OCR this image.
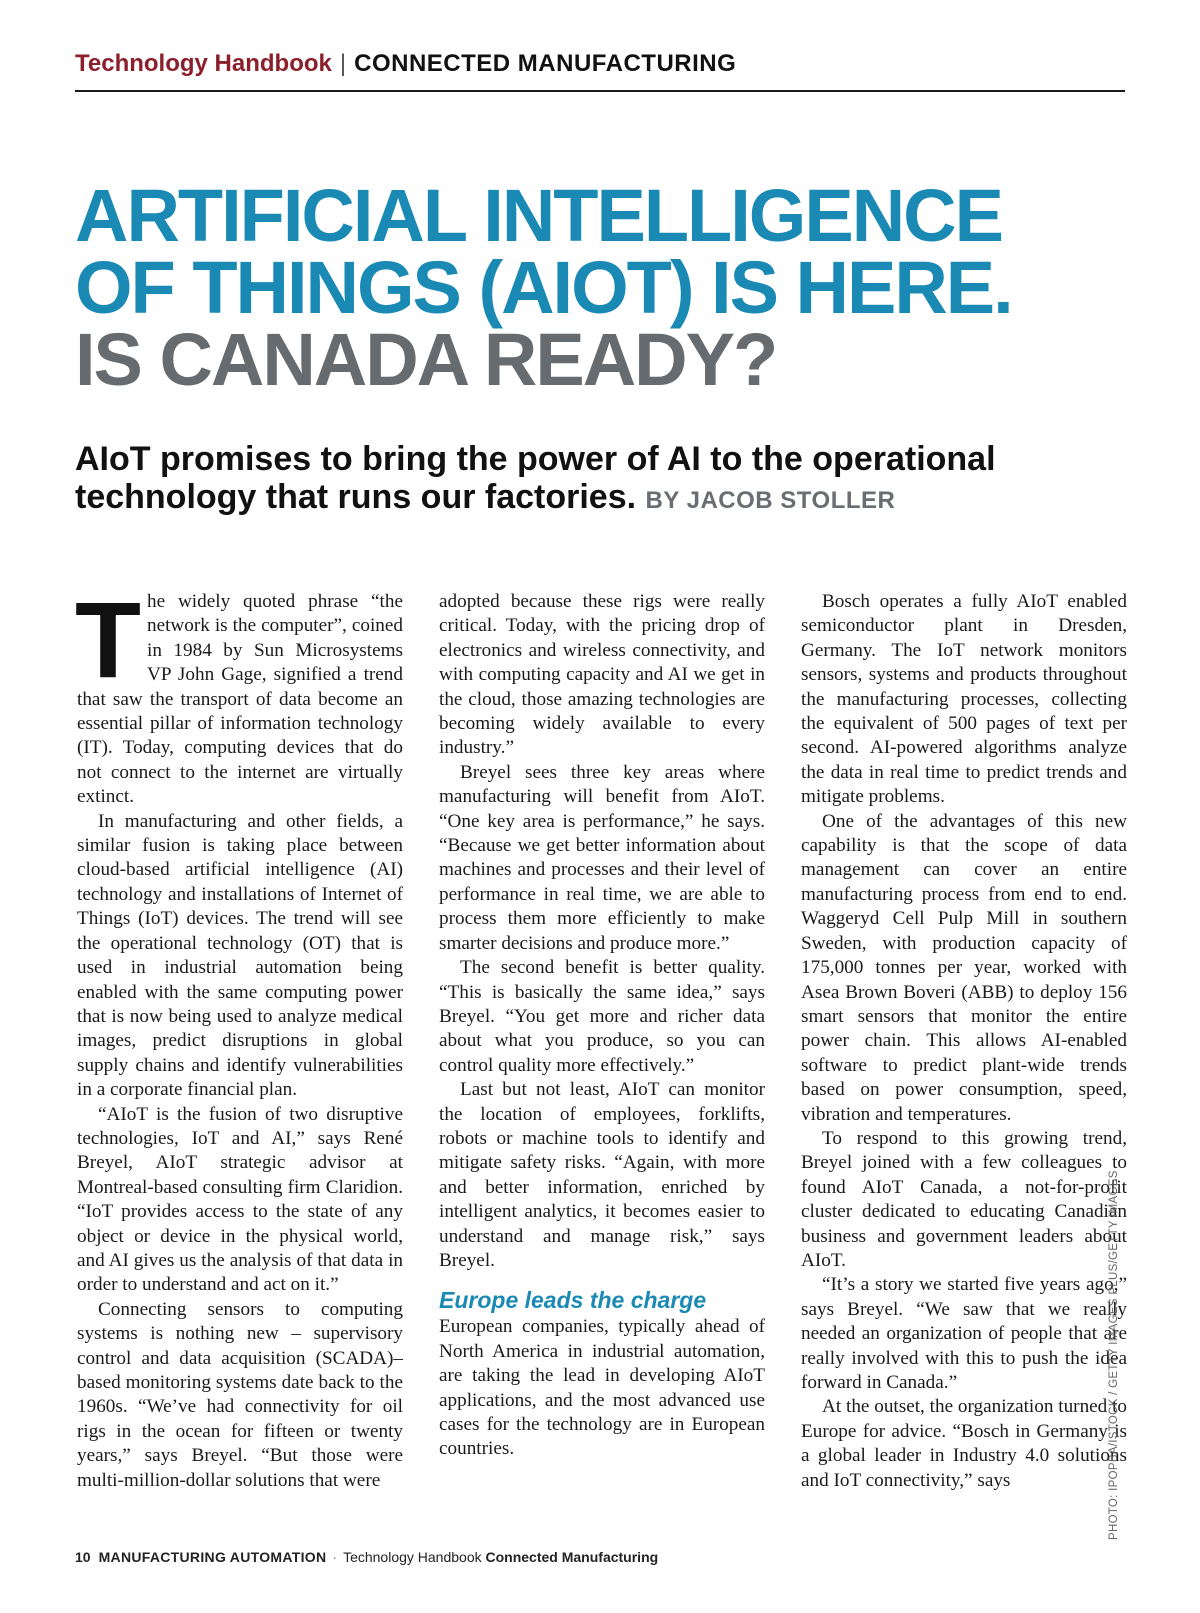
Technology Handbook | CONNECTED MANUFACTURING
ARTIFICIAL INTELLIGENCE
OF THINGS (AIOT) IS HERE.
IS CANADA READY?

AIoT promises to bring the power of AI to the operational technology that runs our factories. BY JACOB STOLLER

The widely quoted phrase “the network is the computer”, coined in 1984 by Sun Microsystems VP John Gage, signified a trend that saw the transport of data become an essential pillar of information technology (IT). Today, computing devices that do not connect to the internet are virtually extinct.

In manufacturing and other fields, a similar fusion is taking place between cloud-based artificial intelligence (AI) technology and installations of Internet of Things (IoT) devices. The trend will see the operational technology (OT) that is used in industrial automation being enabled with the same computing power that is now being used to analyze medical images, predict disruptions in global supply chains and identify vulnerabilities in a corporate financial plan.

“AIoT is the fusion of two disruptive technologies, IoT and AI,” says René Breyel, AIoT strategic advisor at Montreal-based consulting firm Claridion. “IoT provides access to the state of any object or device in the physical world, and AI gives us the analysis of that data in order to understand and act on it.”

Connecting sensors to computing systems is nothing new – supervisory control and data acquisition (SCADA)–based monitoring systems date back to the 1960s. “We’ve had connectivity for oil rigs in the ocean for fifteen or twenty years,” says Breyel. “But those were multi-million-dollar solutions that were

adopted because these rigs were really critical. Today, with the pricing drop of electronics and wireless connectivity, and with computing capacity and AI we get in the cloud, those amazing technologies are becoming widely available to every industry.”

Breyel sees three key areas where manufacturing will benefit from AIoT. “One key area is performance,” he says. “Because we get better information about machines and processes and their level of performance in real time, we are able to process them more efficiently to make smarter decisions and produce more.”

The second benefit is better quality. “This is basically the same idea,” says Breyel. “You get more and richer data about what you produce, so you can control quality more effectively.”

Last but not least, AIoT can monitor the location of employees, forklifts, robots or machine tools to identify and mitigate safety risks. “Again, with more and better information, enriched by intelligent analytics, it becomes easier to understand and manage risk,” says Breyel.

Europe leads the charge

European companies, typically ahead of North America in industrial automation, are taking the lead in developing AIoT applications, and the most advanced use cases for the technology are in European countries.

Bosch operates a fully AIoT enabled semiconductor plant in Dresden, Germany. The IoT network monitors sensors, systems and products throughout the manufacturing processes, collecting the equivalent of 500 pages of text per second. AI-powered algorithms analyze the data in real time to predict trends and mitigate problems.

One of the advantages of this new capability is that the scope of data management can cover an entire manufacturing process from end to end. Waggeryd Cell Pulp Mill in southern Sweden, with production capacity of 175,000 tonnes per year, worked with Asea Brown Boveri (ABB) to deploy 156 smart sensors that monitor the entire power chain. This allows AI-enabled software to predict plant-wide trends based on power consumption, speed, vibration and temperatures.

To respond to this growing trend, Breyel joined with a few colleagues to found AIoT Canada, a not-for-profit cluster dedicated to educating Canadian business and government leaders about AIoT.

“It’s a story we started five years ago,” says Breyel. “We saw that we really needed an organization of people that are really involved with this to push the idea forward in Canada.”

At the outset, the organization turned to Europe for advice. “Bosch in Germany is a global leader in Industry 4.0 solutions and IoT connectivity,” says	PHOTO: IPOPBA/ISTOCK / GETTY IMAGES PLUS/GETTY IMAGES
10 MANUFACTURING AUTOMATION · Technology Handbook Connected Manufacturing
